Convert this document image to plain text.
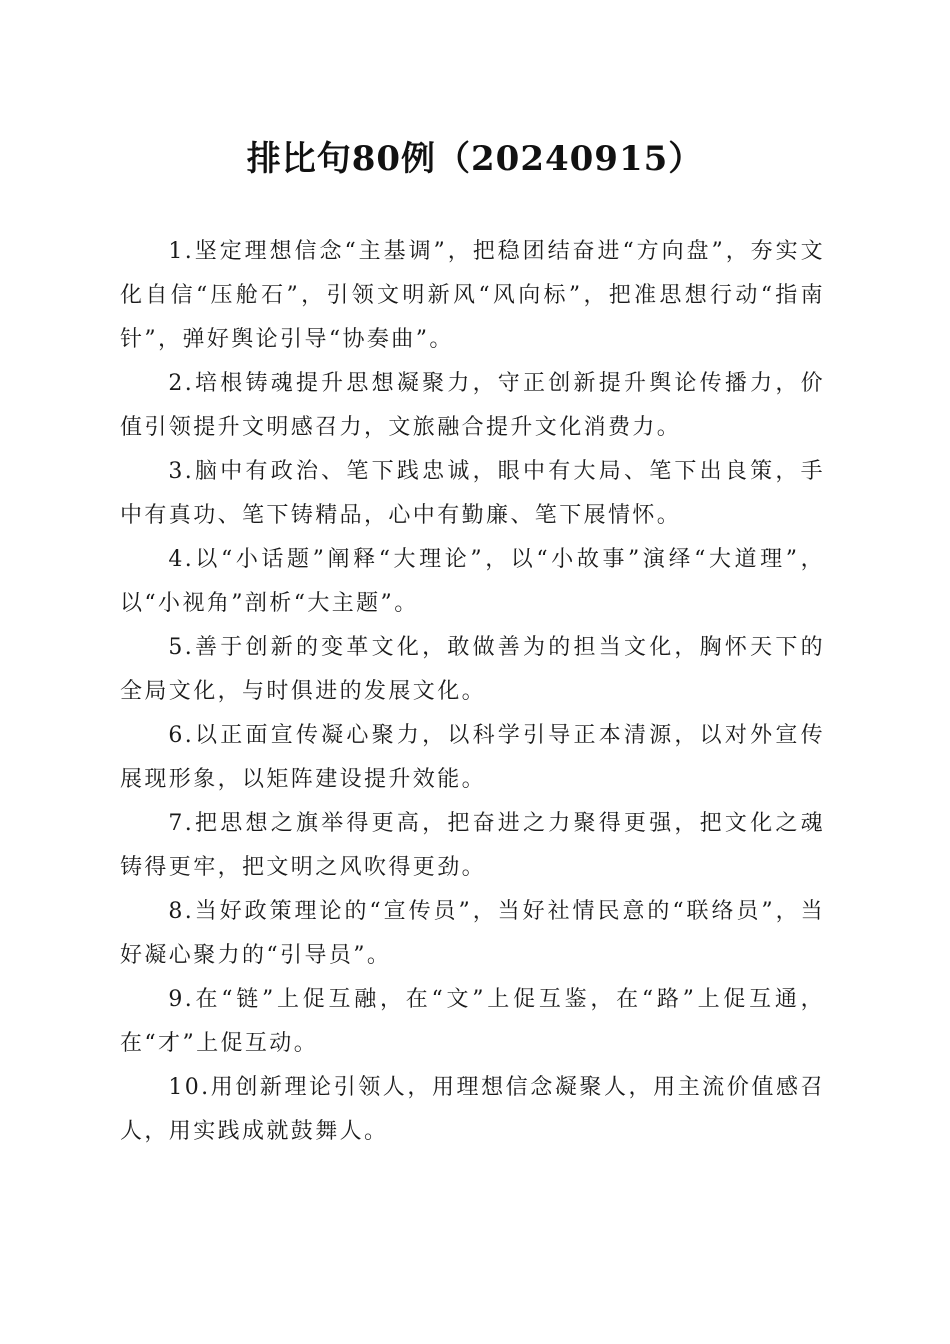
排比句80例（20240915）

1.坚定理想信念“主基调”，把稳团结奋进“方向盘”，夯实文化自信“压舱石”，引领文明新风“风向标”，把准思想行动“指南针”，弹好舆论引导“协奏曲”。

2.培根铸魂提升思想凝聚力，守正创新提升舆论传播力，价值引领提升文明感召力，文旅融合提升文化消费力。

3.脑中有政治、笔下践忠诚，眼中有大局、笔下出良策，手中有真功、笔下铸精品，心中有勤廉、笔下展情怀。

4.以“小话题”阐释“大理论”，以“小故事”演绎“大道理”，以“小视角”剖析“大主题”。

5.善于创新的变革文化，敢做善为的担当文化，胸怀天下的全局文化，与时俱进的发展文化。

6.以正面宣传凝心聚力，以科学引导正本清源，以对外宣传展现形象，以矩阵建设提升效能。

7.把思想之旗举得更高，把奋进之力聚得更强，把文化之魂铸得更牢，把文明之风吹得更劲。

8.当好政策理论的“宣传员”，当好社情民意的“联络员”，当好凝心聚力的“引导员”。

9.在“链”上促互融，在“文”上促互鉴，在“路”上促互通，在“才”上促互动。

10.用创新理论引领人，用理想信念凝聚人，用主流价值感召人，用实践成就鼓舞人。
